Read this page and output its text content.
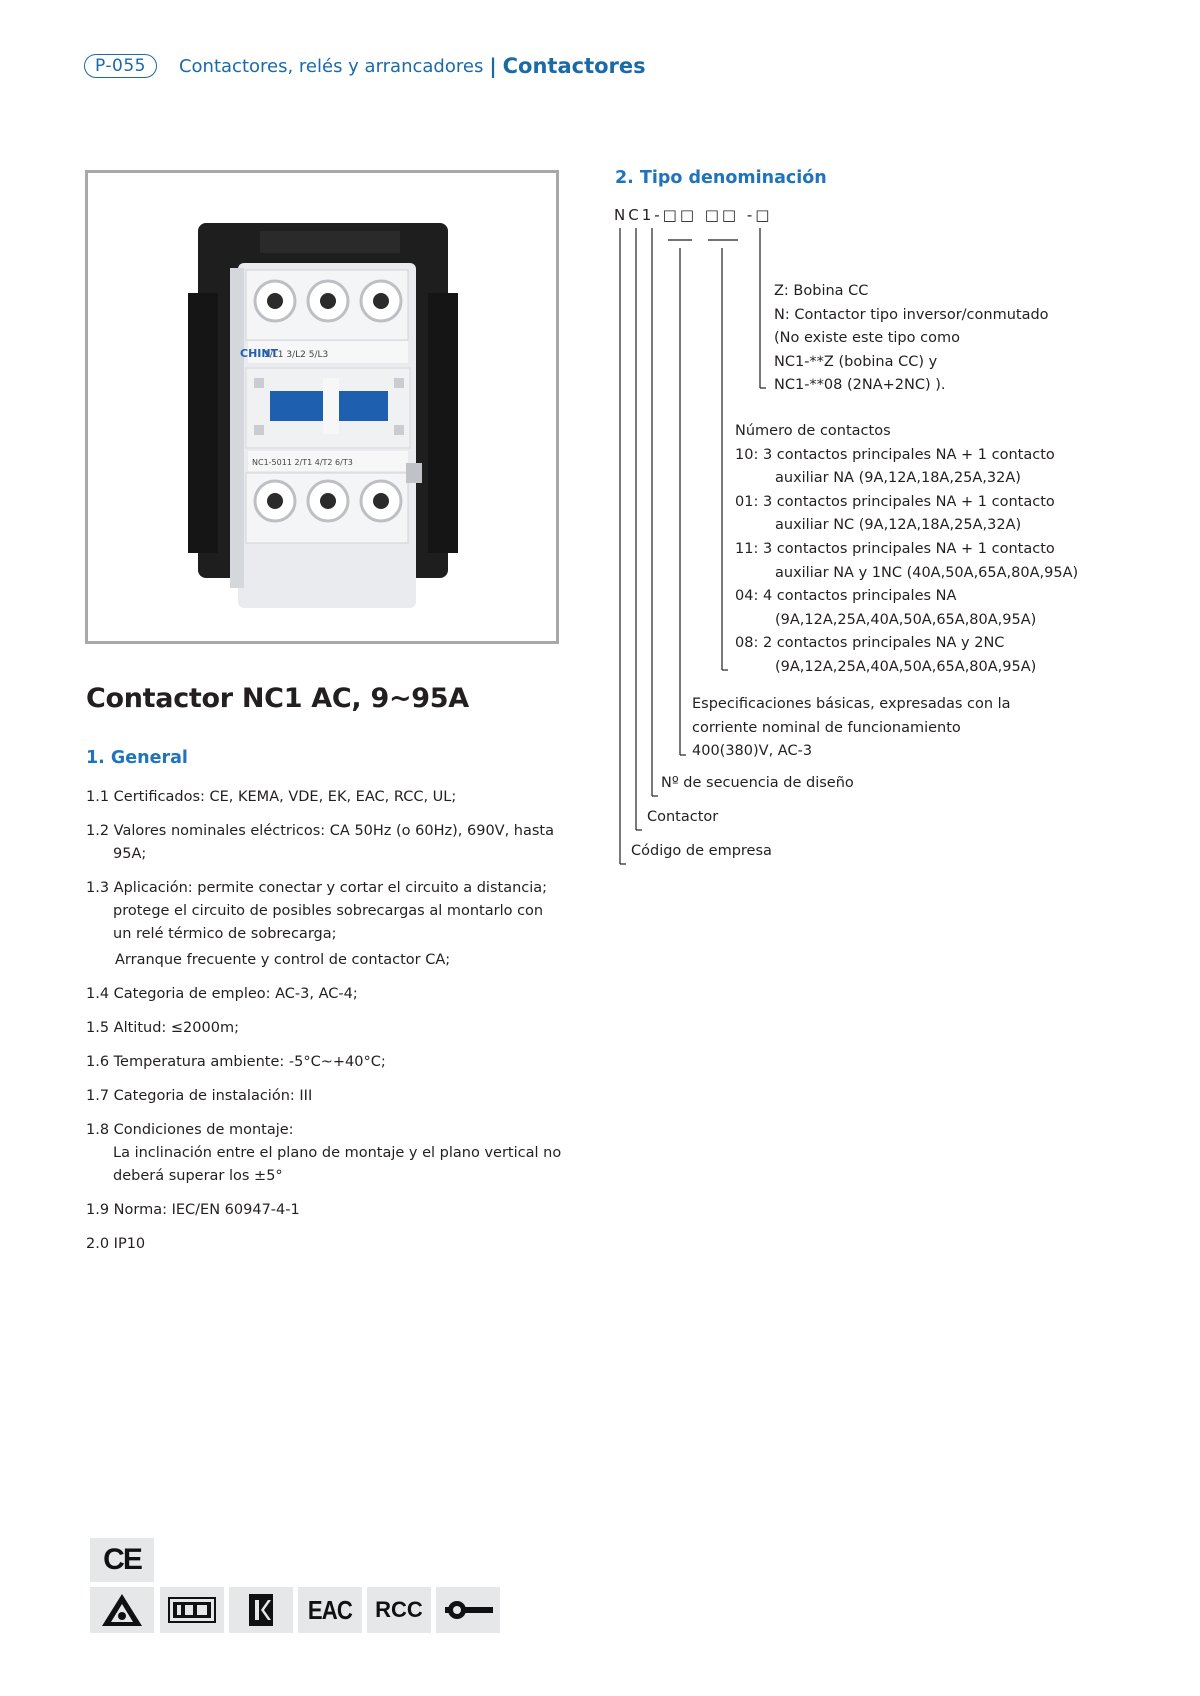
P-055	Contactores, relés y arrancadores | Contactores
1/L1 3/L2 5/L3
CHINT
NC1-5011 2/T1 4/T2 6/T3
Contactor NC1 AC, 9~95A
1. General
1.1 Certificados: CE, KEMA, VDE, EK, EAC, RCC, UL;
1.2 Valores nominales eléctricos: CA 50Hz (o 60Hz), 690V, hasta
95A;
1.3 Aplicación: permite conectar y cortar el circuito a distancia;
protege el circuito de posibles sobrecargas al montarlo con
un relé térmico de sobrecarga;
Arranque frecuente y control de contactor CA;
1.4 Categoria de empleo: AC-3, AC-4;
1.5 Altitud: ≤2000m;
1.6 Temperatura ambiente: -5°C~+40°C;
1.7 Categoria de instalación: III
1.8 Condiciones de montaje:
La inclinación entre el plano de montaje y el plano vertical no
deberá superar los ±5°
1.9 Norma: IEC/EN 60947-4-1
2.0 IP10
2. Tipo denominación
NC1-□□ □□ -□
Z: Bobina CC
N: Contactor tipo inversor/conmutado
(No existe este tipo como
NC1-**Z (bobina CC) y
NC1-**08 (2NA+2NC) ).
Número de contactos
10: 3 contactos principales NA + 1 contacto
auxiliar NA (9A,12A,18A,25A,32A)
01: 3 contactos principales NA + 1 contacto
auxiliar NC (9A,12A,18A,25A,32A)
11: 3 contactos principales NA + 1 contacto
auxiliar NA y 1NC (40A,50A,65A,80A,95A)
04: 4 contactos principales NA
(9A,12A,25A,40A,50A,65A,80A,95A)
08: 2 contactos principales NA y 2NC
(9A,12A,25A,40A,50A,65A,80A,95A)
Especificaciones básicas, expresadas con la
corriente nominal de funcionamiento
400(380)V, AC-3
Nº de secuencia de diseño
Contactor
Código de empresa
CE
EAC RCC
